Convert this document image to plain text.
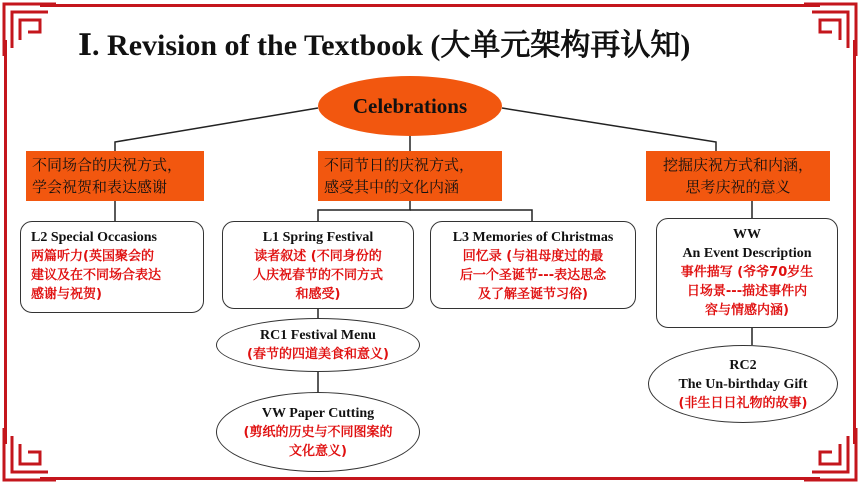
Ⅰ. Revision of the Textbook (大单元架构再认知)
Celebrations
不同场合的庆祝方式，
学会祝贺和表达感谢
不同节日的庆祝方式，
感受其中的文化内涵
挖掘庆祝方式和内涵，
思考庆祝的意义
L2 Special Occasions
两篇听力(英国聚会的
建议及在不同场合表达
感谢与祝贺)
L1 Spring Festival
读者叙述 (不同身份的
人庆祝春节的不同方式
和感受)
L3 Memories of Christmas
回忆录 (与祖母度过的最
后一个圣诞节---表达思念
及了解圣诞节习俗)
WW
An Event Description
事件描写 (爷爷70岁生
日场景---描述事件内
容与情感内涵)
RC1 Festival Menu
(春节的四道美食和意义)
VW Paper Cutting
(剪纸的历史与不同图案的
文化意义)
RC2
The Un-birthday Gift
(非生日日礼物的故事)
